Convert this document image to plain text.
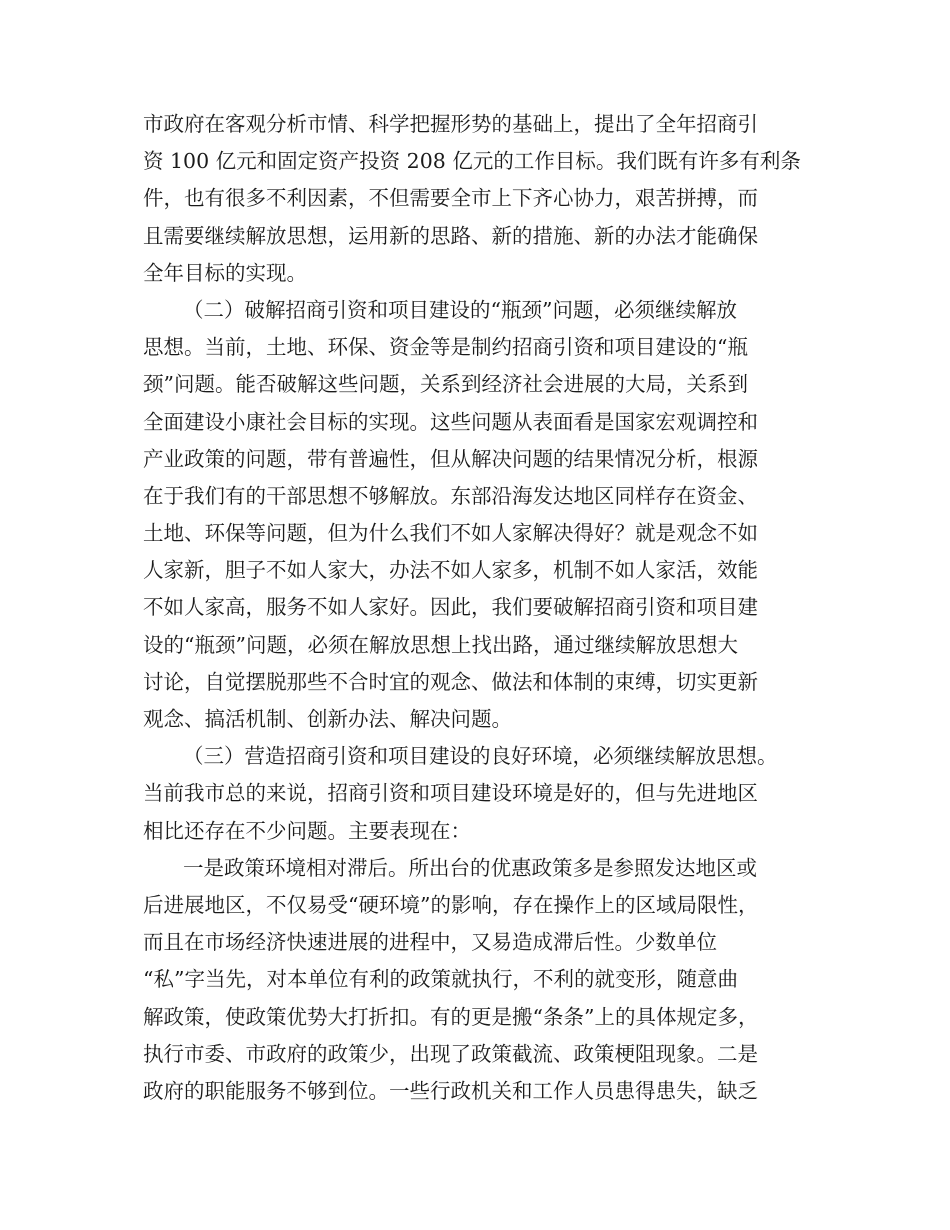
市政府在客观分析市情、科学把握形势的基础上，提出了全年招商引
资 100 亿元和固定资产投资 208 亿元的工作目标。我们既有许多有利条
件，也有很多不利因素，不但需要全市上下齐心协力，艰苦拼搏，而
且需要继续解放思想，运用新的思路、新的措施、新的办法才能确保
全年目标的实现。
（二）破解招商引资和项目建设的“瓶颈”问题，必须继续解放
思想。当前，土地、环保、资金等是制约招商引资和项目建设的“瓶
颈”问题。能否破解这些问题，关系到经济社会进展的大局，关系到
全面建设小康社会目标的实现。这些问题从表面看是国家宏观调控和
产业政策的问题，带有普遍性，但从解决问题的结果情况分析，根源
在于我们有的干部思想不够解放。东部沿海发达地区同样存在资金、
土地、环保等问题，但为什么我们不如人家解决得好？就是观念不如
人家新，胆子不如人家大，办法不如人家多，机制不如人家活，效能
不如人家高，服务不如人家好。因此，我们要破解招商引资和项目建
设的“瓶颈”问题，必须在解放思想上找出路，通过继续解放思想大
讨论，自觉摆脱那些不合时宜的观念、做法和体制的束缚，切实更新
观念、搞活机制、创新办法、解决问题。
（三）营造招商引资和项目建设的良好环境，必须继续解放思想。
当前我市总的来说，招商引资和项目建设环境是好的，但与先进地区
相比还存在不少问题。主要表现在：
一是政策环境相对滞后。所出台的优惠政策多是参照发达地区或
后进展地区，不仅易受“硬环境”的影响，存在操作上的区域局限性，
而且在市场经济快速进展的进程中，又易造成滞后性。少数单位
“私”字当先，对本单位有利的政策就执行，不利的就变形，随意曲
解政策，使政策优势大打折扣。有的更是搬“条条”上的具体规定多，
执行市委、市政府的政策少，出现了政策截流、政策梗阻现象。二是
政府的职能服务不够到位。一些行政机关和工作人员患得患失，缺乏
